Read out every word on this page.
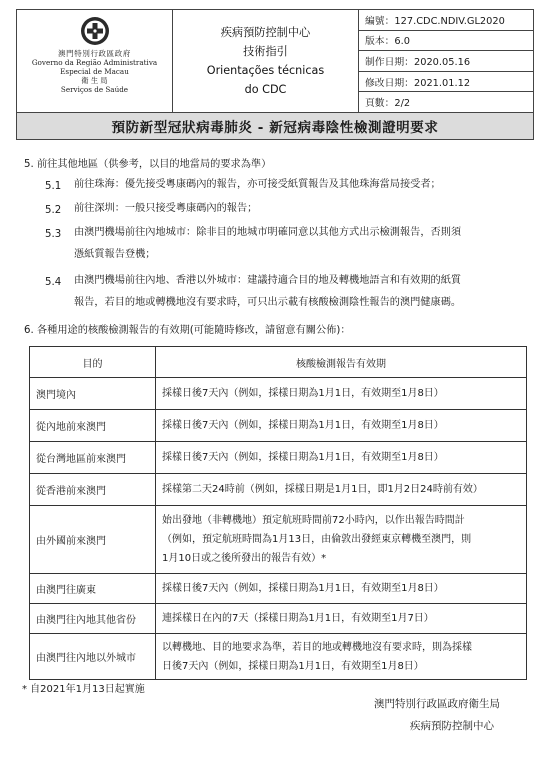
澳門特別行政區政府
Governo da Região Administrativa
Especial de Macau
衛 生 局
Serviços de Saúde
疾病預防控制中心
技術指引
Orientações técnicas
do CDC
編號：127.CDC.NDIV.GL2020
版本：6.0
制作日期：2020.05.16
修改日期：2021.01.12
頁數：2/2
預防新型冠狀病毒肺炎 - 新冠病毒陰性檢測證明要求
5. 前往其他地區（供參考，以目的地當局的要求為準）
5.1 前往珠海：優先接受粵康碼內的報告，亦可接受紙質報告及其他珠海當局接受者；
5.2 前往深圳：一般只接受粵康碼內的報告；
5.3 由澳門機場前往內地城市：除非目的地城市明確同意以其他方式出示檢測報告，否則須
憑紙質報告登機；
5.4 由澳門機場前往內地、香港以外城市：建議持適合目的地及轉機地語言和有效期的紙質
報告，若目的地或轉機地沒有要求時，可只出示載有核酸檢測陰性報告的澳門健康碼。
6. 各種用途的核酸檢測報告的有效期(可能隨時修改，請留意有關公佈)：
目的	核酸檢測報告有效期
澳門境內	採樣日後7天內（例如，採樣日期為1月1日，有效期至1月8日）

從內地前來澳門	採樣日後7天內（例如，採樣日期為1月1日，有效期至1月8日）

從台灣地區前來澳門	採樣日後7天內（例如，採樣日期為1月1日，有效期至1月8日）

從香港前來澳門	採樣第二天24時前（例如，採樣日期是1月1日，即1月2日24時前有效）

由外國前來澳門	始出發地（非轉機地）預定航班時間前72小時內，以作出報告時間計
（例如，預定航班時間為1月13日，由倫敦出發經東京轉機至澳門，則
1月10日或之後所發出的報告有效）*

由澳門往廣東	採樣日後7天內（例如，採樣日期為1月1日，有效期至1月8日）

由澳門往內地其他省份	連採樣日在內的7天（採樣日期為1月1日，有效期至1月7日）

由澳門往內地以外城市	以轉機地、目的地要求為準，若目的地或轉機地沒有要求時，則為採樣
日後7天內（例如，採樣日期為1月1日，有效期至1月8日）
* 自2021年1月13日起實施
澳門特別行政區政府衛生局
疾病預防控制中心
